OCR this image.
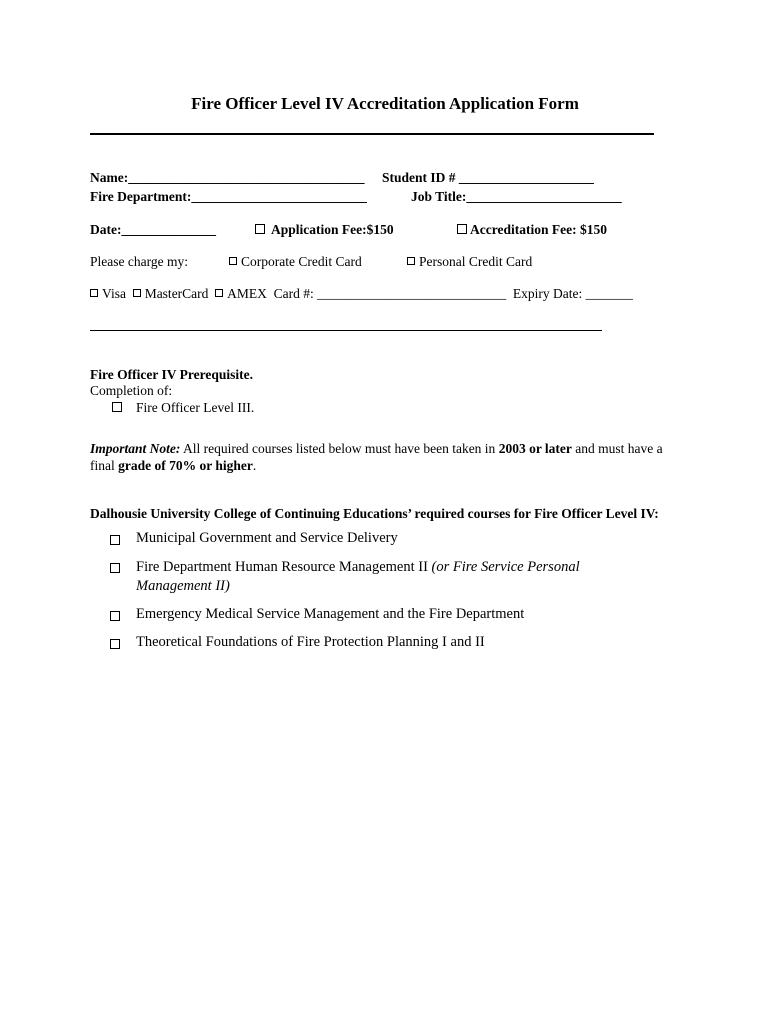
Fire Officer Level IV Accreditation Application Form
Name:___________________________________ Student ID # ____________________
Fire Department:__________________________	Job Title:_______________________
Date:______________	Application Fee:$150	Accreditation Fee: $150
Please charge my:	Corporate Credit Card	Personal Credit Card
Visa MasterCard AMEX Card #: ____________________________ Expiry Date: _______
Fire Officer IV Prerequisite.
Completion of:
Fire Officer Level III.
Important Note: All required courses listed below must have been taken in 2003 or later and must have a final grade of 70% or higher.
Dalhousie University College of Continuing Educations’ required courses for Fire Officer Level IV:
Municipal Government and Service Delivery
Fire Department Human Resource Management II (or Fire Service Personal Management II)
Emergency Medical Service Management and the Fire Department
Theoretical Foundations of Fire Protection Planning I and II
